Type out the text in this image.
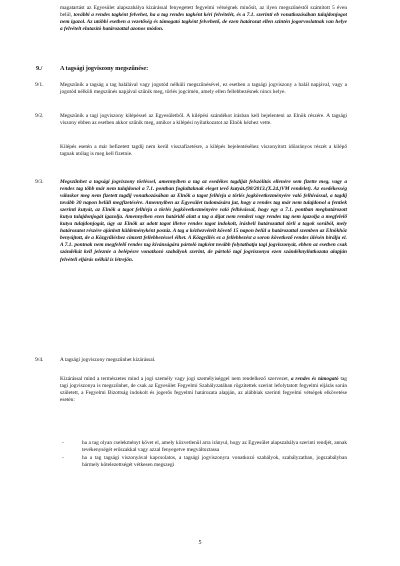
magatartást az Egyesület alapszabálya kizárással fenyegetett fegyelmi vétségnek minősít, az ilyen megszűnéstől számított 5 éven belül, további a rendes tagként felvehet, ha a tag rendes tagként kéri felvételét, és a 7.1. szerinti eb vonatkozásában tulajdonjogot nem igazol. Az utóbbi esetben a vezetőség és támogató tagként felvehető, de ezen határozat ellen szintén jogorvoslatnak van helye a felvételt elutasító határozattal azonos módon.
9./	A tagsági jogviszony megszűnése:
9/1.	Megszűnik a tagság a tag halálával vagy jogutód nélküli megszűnésével, ez esetben a tagsági jogviszony a halál napjával, vagy a jogutód nélküli megszűnés napjával szűnik meg, törlés jogcímén, amely ellen fellebbezésnek nincs helye.
9/2.	Megszűnik a tagi jogviszony kilépéssel az Egyesületből. A kilépési szándékot írásban kell bejelenteni az Elnök részére. A tagsági viszony ebben az esetben akkor szűnik meg, amikor a kilépési nyilatkozatot az Elnök kézhez vette.
Kilépés esetén a már befizetett tagdíj nem kerül visszafizetésre, a kilépés bejelentéséhez viszonyított időarányos részét a kilépő tagnak utólag is meg kell fizetnie.
9/3.	Megszűnhet a tagsági jogviszony törléssel, amennyiben a tag az esedékes tagdíját felszólítás ellenére sem fizette meg, vagy a rendes tag több már nem tulajdonol a 7.1. pontban foglaltaknak eleget tevő kutyát.(98/2013.(X.24.)VM rendelet). Az esedékesség válaskor meg nem fizetett tagdíj vonatkozásában az Elnök a tagot felhívja a törlés jogkövetkezményére való felhívással, a tagdíj tovább 30 napon belüli megfizetésére. Amennyiben az Egyesület tudomására jut, hogy a rendes tag már nem tulajdonol a fentiek szerinti kutyát, az Elnök a tagot felhívja a törlés jogkövetkezményére való felhívással, hogy egy a 7.1. pontban meghatározott kutya tulajdonjogát igazolja. Amennyiben ezen határidő alatt a tag a díjat nem rendezi vagy rendes tag nem igazolja a megfelelő kutya tulajdonjogát, úgy az Elnök az adott tagot illetve rendes tagot indokolt, írásbeli határozattal törli a tagok sorából, mely határozatot részére ajánlott küldeményként postáz. A tag a kézhezvételt követő 15 napon belül a határozattal szemben az Elnökhöz benyújtott, de a Közgyűléshez címzett fellebbezéssel élhet. A Közgyűlés ez a fellebbezést a soron következő rendes ülésén bírálja el. A 7.1. pontnak nem megfelelő rendes tag kívánságára pártoló tagként tovább folytathatja tagi jogviszonyát, ebben az esetben csak szándékát kell jeleznie a belépésre vonatkozó szabályok szerint, de pártoló tagi jogviszonya ezen szándéknyilatkozata alapján felvételi eljárás nélkül is létrejön.
9/4.	A tagsági jogviszony megszűnhet kizárással.
Kizárással mind a természetes mind a jogi személy vagy jogi személyiséggel nem rendelkező szervezet, a rendes és támogató tag tagi jogviszonya is megszűnhet, de csak az Egyesület Fegyelmi Szabályzatában rögzítettek szerint lefolytatott fegyelmi eljárás során született, a Fegyelmi Bizottság indokolt és jogerős fegyelmi határozata alapján, az alábbiak szerinti fegyelmi vétségek elkövetése esetén:
-	ha a tag olyan cselekményt követ el, amely közvetlenül arra irányul, hogy az Egyesület alapszabálya szerinti rendjét, annak tevékenységét erőszakkal vagy azzal fenyegetve megváltoztassa
-	ha a tag tagsági viszonyával kapcsolatos, a tagsági jogviszonyra vonatkozó szabályok, szabályzatban, jogszabályban bármely kötelezettségét vétkesen megszegi
5
